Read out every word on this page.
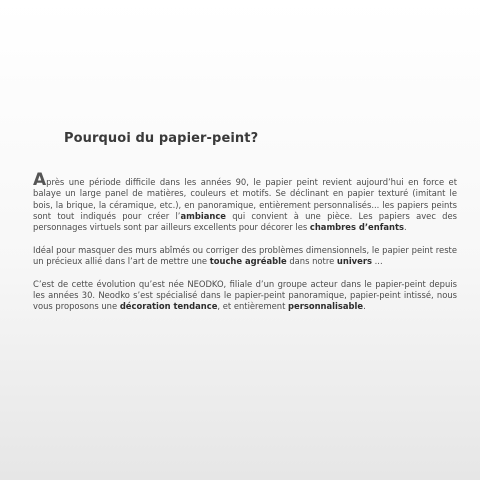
Pourquoi du papier-peint?

Après une période difficile dans les années 90, le papier peint revient aujourd’hui en force et balaye un large panel de matières, couleurs et motifs. Se déclinant en papier texturé (imitant le bois, la brique, la céramique, etc.), en panoramique, entièrement personnalisés... les papiers peints sont tout indiqués pour créer l’ambiance qui convient à une pièce. Les papiers avec des personnages virtuels sont par ailleurs excellents pour décorer les chambres d’enfants.

Idéal pour masquer des murs abîmés ou corriger des problèmes dimensionnels, le papier peint reste un précieux allié dans l’art de mettre une touche agréable dans notre univers ...

C’est de cette évolution qu’est née NEODKO, filiale d’un groupe acteur dans le papier-peint depuis les années 30. Neodko s’est spécialisé dans le papier-peint panoramique, papier-peint intissé, nous vous proposons une décoration tendance, et entièrement personnalisable.
